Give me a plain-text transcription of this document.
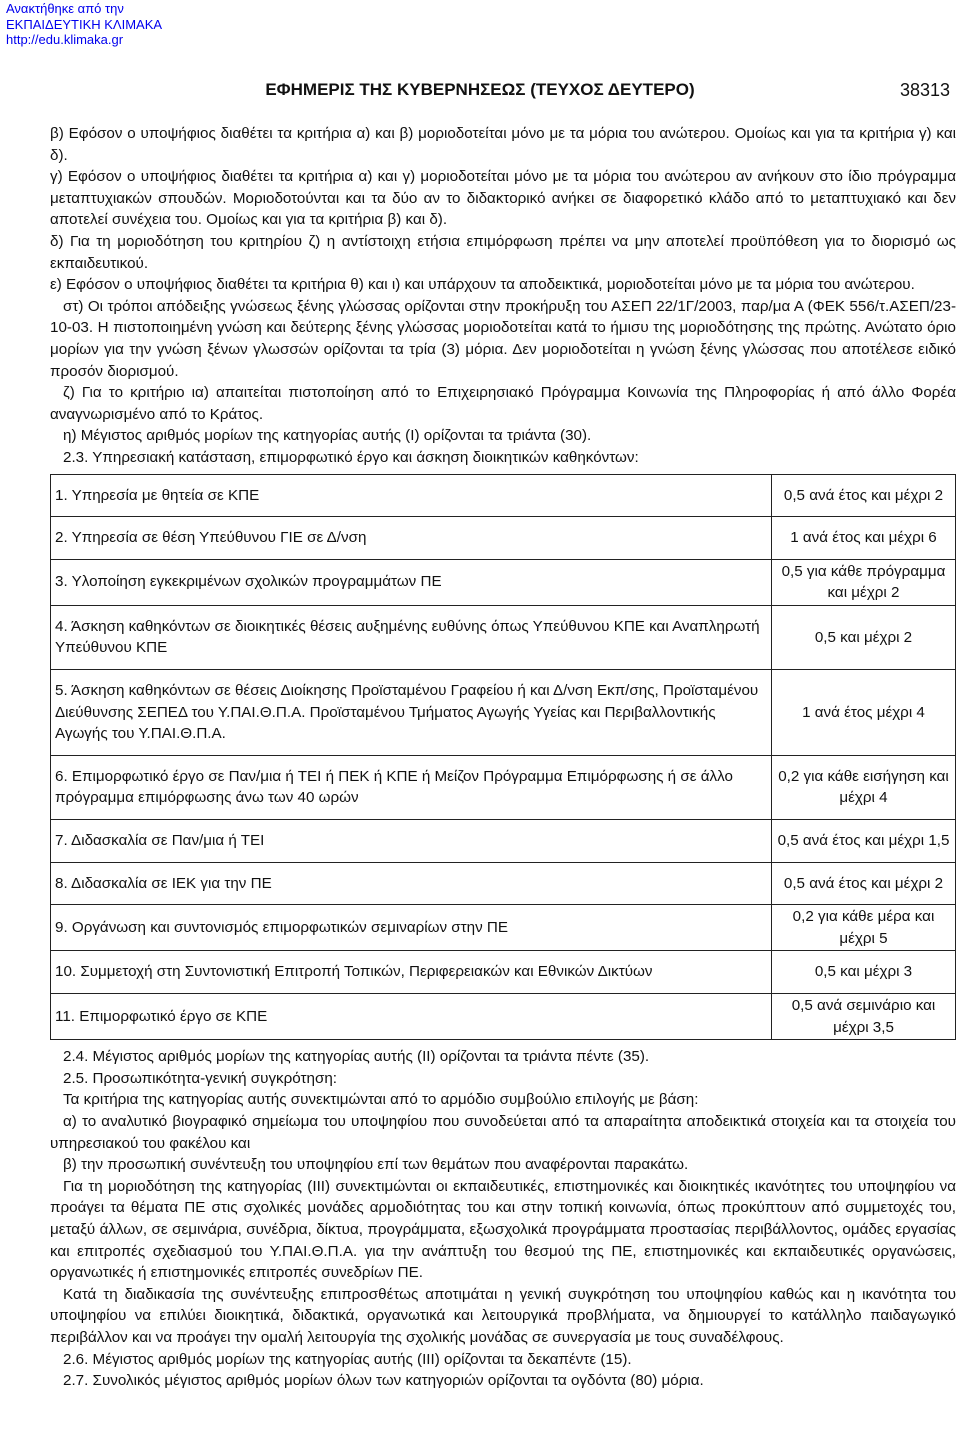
Ανακτήθηκε από την
ΕΚΠΑΙΔΕΥΤΙΚΗ ΚΛΙΜΑΚΑ
http://edu.klimaka.gr
ΕΦΗΜΕΡΙΣ ΤΗΣ ΚΥΒΕΡΝΗΣΕΩΣ (ΤΕΥΧΟΣ ΔΕΥΤΕΡΟ)	38313

β) Εφόσον ο υποψήφιος διαθέτει τα κριτήρια α) και β) μοριοδοτείται μόνο με τα μόρια του ανώτερου. Ομοίως και για τα κριτήρια γ) και δ).

γ) Εφόσον ο υποψήφιος διαθέτει τα κριτήρια α) και γ) μοριοδοτείται μόνο με τα μόρια του ανώτερου αν ανήκουν στο ίδιο πρόγραμμα μεταπτυχιακών σπουδών. Μοριοδοτούνται και τα δύο αν το διδακτορικό ανήκει σε διαφορετικό κλάδο από το μεταπτυχιακό και δεν αποτελεί συνέχεια του. Ομοίως και για τα κριτήρια β) και δ).

δ) Για τη μοριοδότηση του κριτηρίου ζ) η αντίστοιχη ετήσια επιμόρφωση πρέπει να μην αποτελεί προϋπόθεση για το διορισμό ως εκπαιδευτικού.

ε) Εφόσον ο υποψήφιος διαθέτει τα κριτήρια θ) και ι) και υπάρχουν τα αποδεικτικά, μοριοδοτείται μόνο με τα μόρια του ανώτερου.

στ) Οι τρόποι απόδειξης γνώσεως ξένης γλώσσας ορίζονται στην προκήρυξη του ΑΣΕΠ 22/1Γ/2003, παρ/μα Α (ΦΕΚ 556/τ.ΑΣΕΠ/23-10-03. Η πιστοποιημένη γνώση και δεύτερης ξένης γλώσσας μοριοδοτείται κατά το ήμισυ της μοριοδότησης της πρώτης. Ανώτατο όριο μορίων για την γνώση ξένων γλωσσών ορίζονται τα τρία (3) μόρια. Δεν μοριοδοτείται η γνώση ξένης γλώσσας που αποτέλεσε ειδικό προσόν διορισμού.

ζ) Για το κριτήριο ια) απαιτείται πιστοποίηση από το Επιχειρησιακό Πρόγραμμα Κοινωνία της Πληροφορίας ή από άλλο Φορέα αναγνωρισμένο από το Κράτος.

η) Μέγιστος αριθμός μορίων της κατηγορίας αυτής (I) ορίζονται τα τριάντα (30).

2.3. Υπηρεσιακή κατάσταση, επιμορφωτικό έργο και άσκηση διοικητικών καθηκόντων:

1. Υπηρεσία με θητεία σε ΚΠΕ	0,5 ανά έτος και μέχρι 2
2. Υπηρεσία σε θέση Υπεύθυνου ΓΙΕ σε Δ/νση	1 ανά έτος και μέχρι 6
3. Υλοποίηση εγκεκριμένων σχολικών προγραμμάτων ΠΕ	0,5 για κάθε πρόγραμμα και μέχρι 2
4. Άσκηση καθηκόντων σε διοικητικές θέσεις αυξημένης ευθύνης όπως Υπεύθυνου ΚΠΕ και Αναπληρωτή Υπεύθυνου ΚΠΕ	0,5 και μέχρι 2
5. Άσκηση καθηκόντων σε θέσεις Διοίκησης Προϊσταμένου Γραφείου ή και Δ/νση Εκπ/σης, Προϊσταμένου Διεύθυνσης ΣΕΠΕΔ του Υ.ΠΑΙ.Θ.Π.Α. Προϊσταμένου Τμήματος Αγωγής Υγείας και Περιβαλλοντικής Αγωγής του Υ.ΠΑΙ.Θ.Π.Α.	1 ανά έτος μέχρι 4
6. Επιμορφωτικό έργο σε Παν/μια ή ΤΕΙ ή ΠΕΚ ή ΚΠΕ ή Μείζον Πρόγραμμα Επιμόρφωσης ή σε άλλο πρόγραμμα επιμόρφωσης άνω των 40 ωρών	0,2 για κάθε εισήγηση και μέχρι 4
7. Διδασκαλία σε Παν/μια ή ΤΕΙ	0,5 ανά έτος και μέχρι 1,5
8. Διδασκαλία σε ΙΕΚ για την ΠΕ	0,5 ανά έτος και μέχρι 2
9. Οργάνωση και συντονισμός επιμορφωτικών σεμιναρίων στην ΠΕ	0,2 για κάθε μέρα και μέχρι 5
10. Συμμετοχή στη Συντονιστική Επιτροπή Τοπικών, Περιφερειακών και Εθνικών Δικτύων	0,5 και μέχρι 3
11. Επιμορφωτικό έργο σε ΚΠΕ	0,5 ανά σεμινάριο και μέχρι 3,5

2.4. Μέγιστος αριθμός μορίων της κατηγορίας αυτής (II) ορίζονται τα τριάντα πέντε (35).

2.5. Προσωπικότητα-γενική συγκρότηση:

Τα κριτήρια της κατηγορίας αυτής συνεκτιμώνται από το αρμόδιο συμβούλιο επιλογής με βάση:

α) το αναλυτικό βιογραφικό σημείωμα του υποψηφίου που συνοδεύεται από τα απαραίτητα αποδεικτικά στοιχεία και τα στοιχεία του υπηρεσιακού του φακέλου και

β) την προσωπική συνέντευξη του υποψηφίου επί των θεμάτων που αναφέρονται παρακάτω.

Για τη μοριοδότηση της κατηγορίας (III) συνεκτιμώνται οι εκπαιδευτικές, επιστημονικές και διοικητικές ικανότητες του υποψηφίου να προάγει τα θέματα ΠΕ στις σχολικές μονάδες αρμοδιότητας του και στην τοπική κοινωνία, όπως προκύπτουν από συμμετοχές του, μεταξύ άλλων, σε σεμινάρια, συνέδρια, δίκτυα, προγράμματα, εξωσχολικά προγράμματα προστασίας περιβάλλοντος, ομάδες εργασίας και επιτροπές σχεδιασμού του Υ.ΠΑΙ.Θ.Π.Α. για την ανάπτυξη του θεσμού της ΠΕ, επιστημονικές και εκπαιδευτικές οργανώσεις, οργανωτικές ή επιστημονικές επιτροπές συνεδρίων ΠΕ.

Κατά τη διαδικασία της συνέντευξης επιπροσθέτως αποτιμάται η γενική συγκρότηση του υποψηφίου καθώς και η ικανότητα του υποψηφίου να επιλύει διοικητικά, διδακτικά, οργανωτικά και λειτουργικά προβλήματα, να δημιουργεί το κατάλληλο παιδαγωγικό περιβάλλον και να προάγει την ομαλή λειτουργία της σχολικής μονάδας σε συνεργασία με τους συναδέλφους.

2.6. Μέγιστος αριθμός μορίων της κατηγορίας αυτής (III) ορίζονται τα δεκαπέντε (15).

2.7. Συνολικός μέγιστος αριθμός μορίων όλων των κατηγοριών ορίζονται τα ογδόντα (80) μόρια.
